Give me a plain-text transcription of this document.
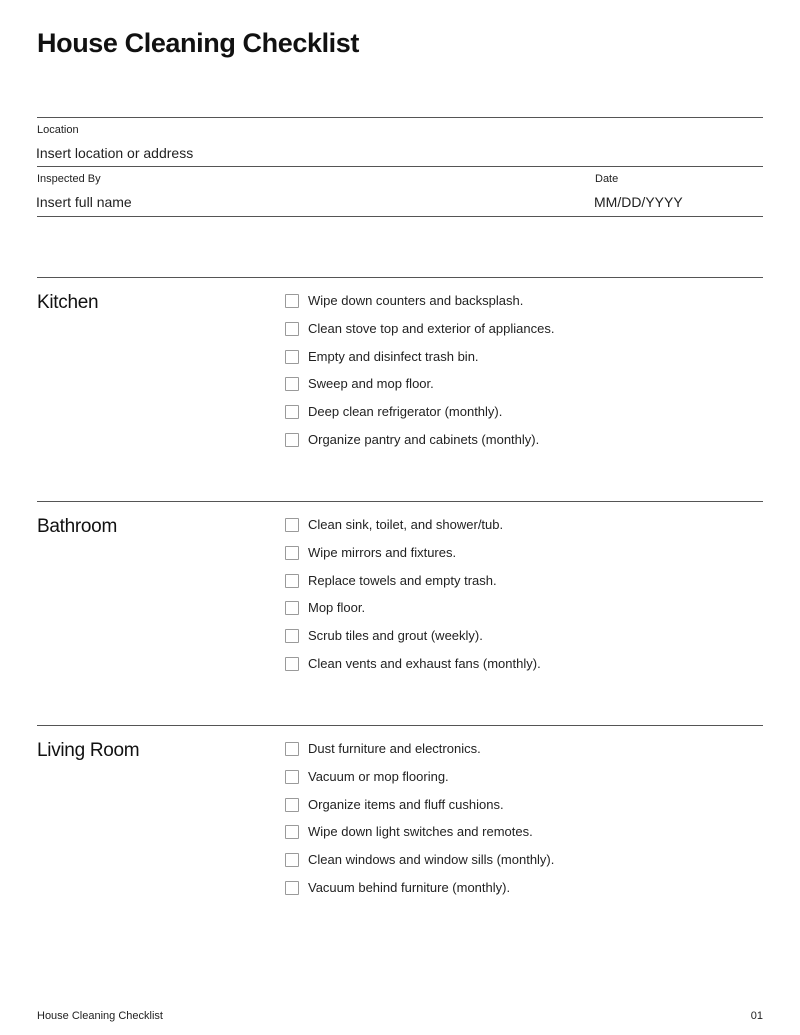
House Cleaning Checklist
Location
Insert location or address
Inspected By
Insert full name
Date
MM/DD/YYYY
Kitchen	Wipe down counters and backsplash.
Clean stove top and exterior of appliances.
Empty and disinfect trash bin.
Sweep and mop floor.
Deep clean refrigerator (monthly).
Organize pantry and cabinets (monthly).
Bathroom	Clean sink, toilet, and shower/tub.
Wipe mirrors and fixtures.
Replace towels and empty trash.
Mop floor.
Scrub tiles and grout (weekly).
Clean vents and exhaust fans (monthly).
Living Room	Dust furniture and electronics.
Vacuum or mop flooring.
Organize items and fluff cushions.
Wipe down light switches and remotes.
Clean windows and window sills (monthly).
Vacuum behind furniture (monthly).
House Cleaning Checklist	01
